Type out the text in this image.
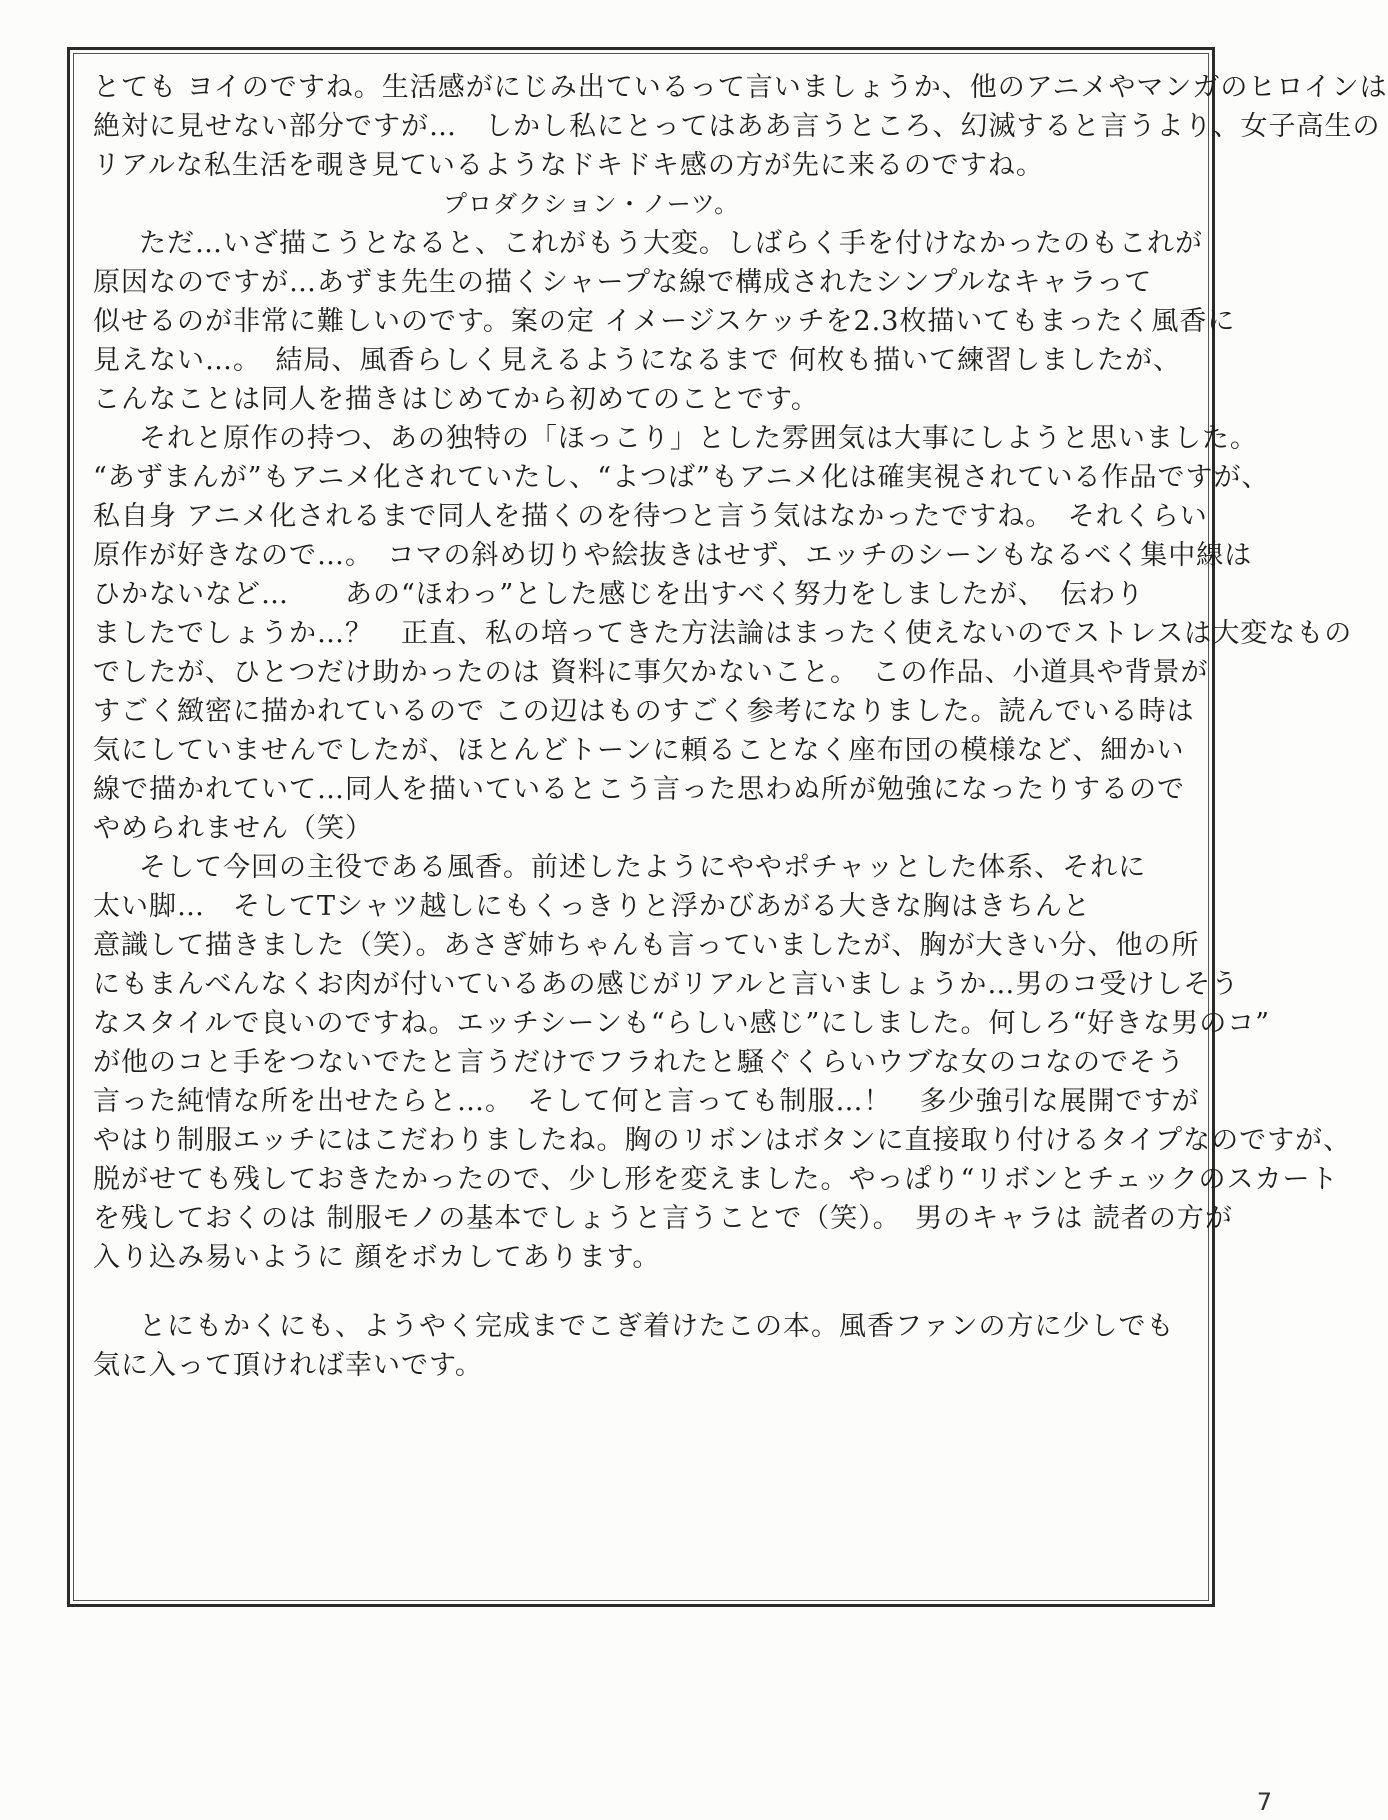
とても ヨイのですね。生活感がにじみ出ているって言いましょうか、他のアニメやマンガのヒロインは
絶対に見せない部分ですが…　しかし私にとってはああ言うところ、幻滅すると言うより、女子高生の
リアルな私生活を覗き見ているようなドキドキ感の方が先に来るのですね。
プロダクション・ノーツ。
ただ…いざ描こうとなると、これがもう大変。しばらく手を付けなかったのもこれが
原因なのですが…あずま先生の描くシャープな線で構成されたシンプルなキャラって
似せるのが非常に難しいのです。案の定 イメージスケッチを2.3枚描いてもまったく風香に
見えない…。　結局、風香らしく見えるようになるまで 何枚も描いて練習しましたが、
こんなことは同人を描きはじめてから初めてのことです。
それと原作の持つ、あの独特の「ほっこり」とした雰囲気は大事にしようと思いました。
“あずまんが”もアニメ化されていたし、“よつば”もアニメ化は確実視されている作品ですが、
私自身 アニメ化されるまで同人を描くのを待つと言う気はなかったですね。　それくらい
原作が好きなので…。　コマの斜め切りや絵抜きはせず、エッチのシーンもなるべく集中線は
ひかないなど…　　あの“ほわっ”とした感じを出すべく努力をしましたが、　伝わり
ましたでしょうか…？　正直、私の培ってきた方法論はまったく使えないのでストレスは大変なもの
でしたが、ひとつだけ助かったのは 資料に事欠かないこと。　この作品、小道具や背景が
すごく緻密に描かれているので この辺はものすごく参考になりました。読んでいる時は
気にしていませんでしたが、ほとんどトーンに頼ることなく座布団の模様など、細かい
線で描かれていて…同人を描いているとこう言った思わぬ所が勉強になったりするので
やめられません（笑）
そして今回の主役である風香。前述したようにややポチャッとした体系、それに
太い脚…　そしてTシャツ越しにもくっきりと浮かびあがる大きな胸はきちんと
意識して描きました（笑）。あさぎ姉ちゃんも言っていましたが、胸が大きい分、他の所
にもまんべんなくお肉が付いているあの感じがリアルと言いましょうか…男のコ受けしそう
なスタイルで良いのですね。エッチシーンも“らしい感じ”にしました。何しろ“好きな男のコ”
が他のコと手をつないでたと言うだけでフラれたと騒ぐくらいウブな女のコなのでそう
言った純情な所を出せたらと…。　そして何と言っても制服…！　多少強引な展開ですが
やはり制服エッチにはこだわりましたね。胸のリボンはボタンに直接取り付けるタイプなのですが、
脱がせても残しておきたかったので、少し形を変えました。やっぱり“リボンとチェックのスカート
を残しておくのは 制服モノの基本でしょうと言うことで（笑）。　男のキャラは 読者の方が
入り込み易いように 顔をボカしてあります。
とにもかくにも、ようやく完成までこぎ着けたこの本。風香ファンの方に少しでも
気に入って頂ければ幸いです。
7
